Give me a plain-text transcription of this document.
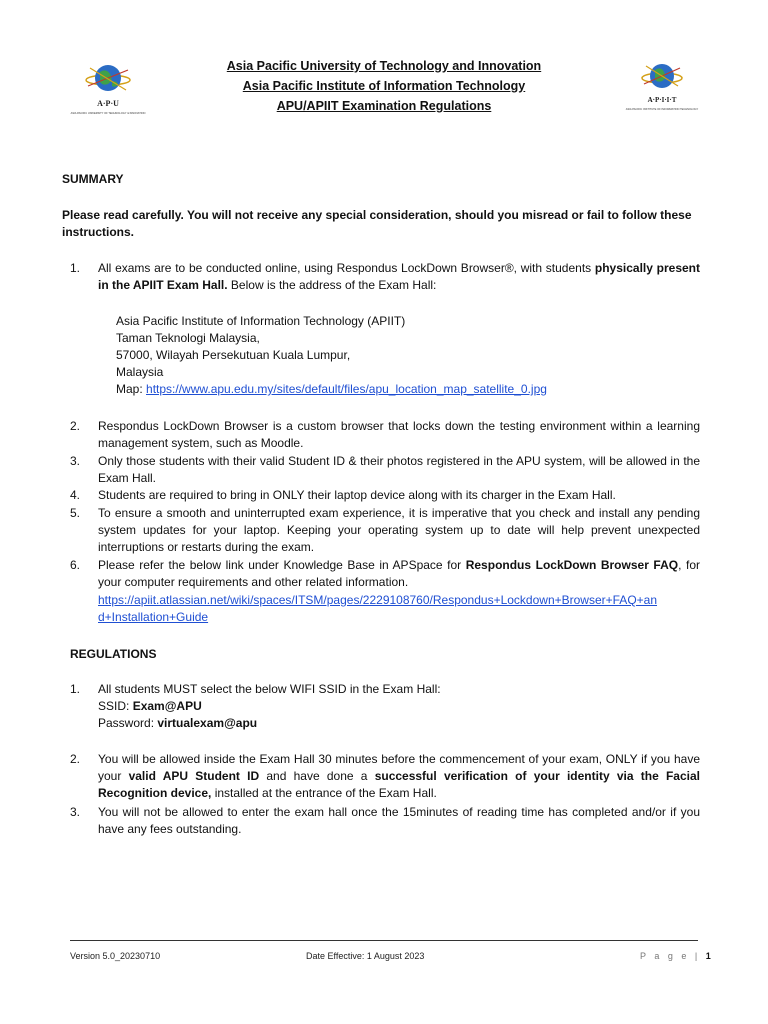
A·P·U
ASIA PACIFIC UNIVERSITY OF TECHNOLOGY & INNOVATION
A·P·I·I·T
ASIA PACIFIC INSTITUTE OF INFORMATION TECHNOLOGY
Asia Pacific University of Technology and Innovation
Asia Pacific Institute of Information Technology
APU/APIIT Examination Regulations
SUMMARY
Please read carefully. You will not receive any special consideration, should you misread or fail to follow these
instructions.
1. All exams are to be conducted online, using Respondus LockDown Browser®, with students physically present in the APIIT Exam Hall. Below is the address of the Exam Hall:
Asia Pacific Institute of Information Technology (APIIT)
Taman Teknologi Malaysia,
57000, Wilayah Persekutuan Kuala Lumpur,
Malaysia
Map: https://www.apu.edu.my/sites/default/files/apu_location_map_satellite_0.jpg
2. Respondus LockDown Browser is a custom browser that locks down the testing environment within a learning management system, such as Moodle.
3. Only those students with their valid Student ID & their photos registered in the APU system, will be allowed in the Exam Hall.
4. Students are required to bring in ONLY their laptop device along with its charger in the Exam Hall.
5. To ensure a smooth and uninterrupted exam experience, it is imperative that you check and install any pending system updates for your laptop. Keeping your operating system up to date will help prevent unexpected interruptions or restarts during the exam.
6. Please refer the below link under Knowledge Base in APSpace for Respondus LockDown Browser FAQ, for your computer requirements and other related information.
https://apiit.atlassian.net/wiki/spaces/ITSM/pages/2229108760/Respondus+Lockdown+Browser+FAQ+an
d+Installation+Guide
REGULATIONS
1. All students MUST select the below WIFI SSID in the Exam Hall:
SSID: Exam@APU
Password: virtualexam@apu
2. You will be allowed inside the Exam Hall 30 minutes before the commencement of your exam, ONLY if you have your valid APU Student ID and have done a successful verification of your identity via the Facial Recognition device, installed at the entrance of the Exam Hall.
3. You will not be allowed to enter the exam hall once the 15minutes of reading time has completed and/or if you have any fees outstanding.
Version 5.0_20230710	Date Effective: 1 August 2023	P a g e | 1
